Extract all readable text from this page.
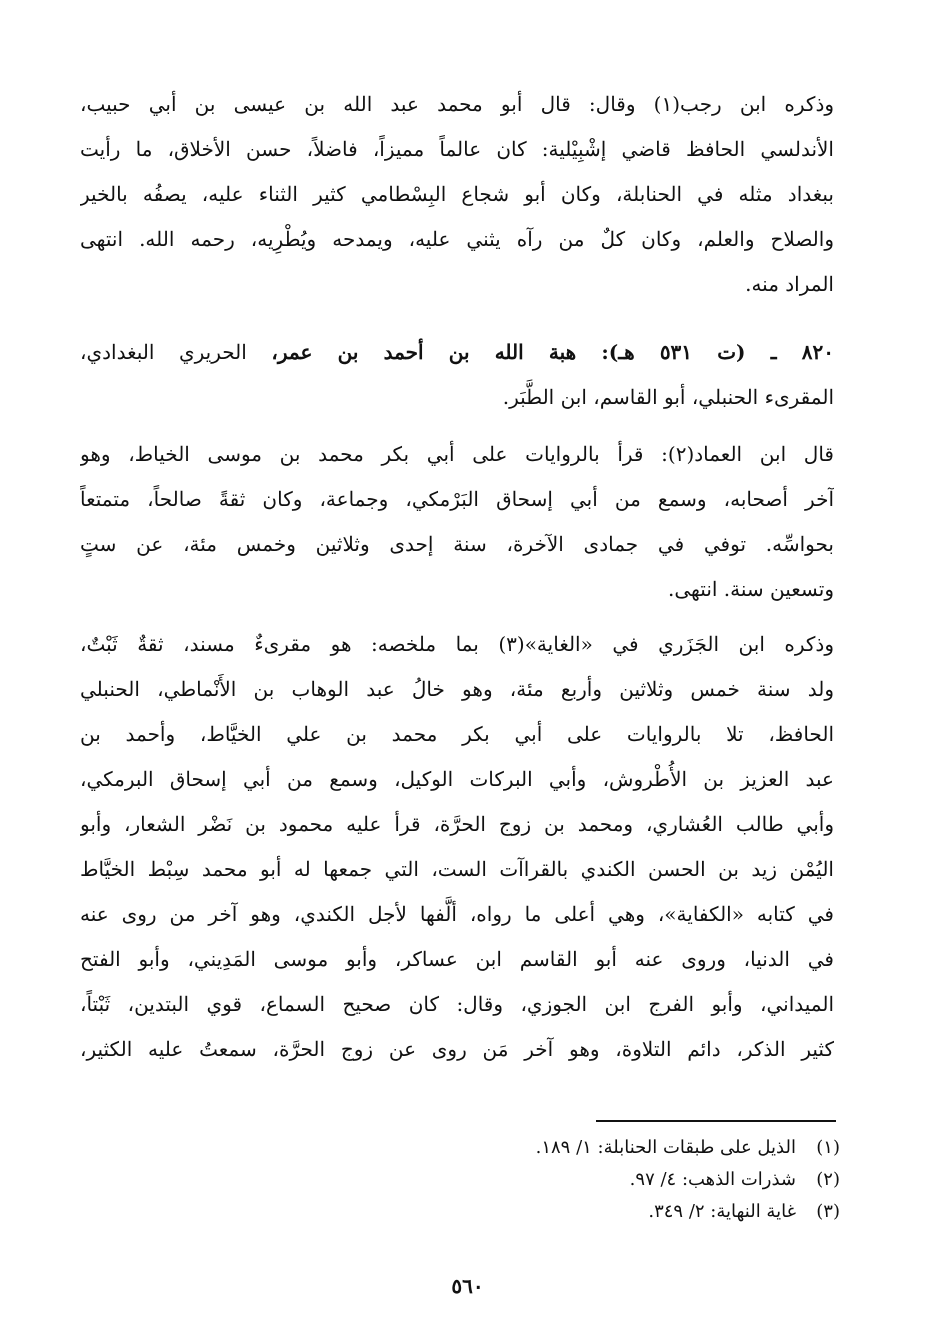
وذكره ابن رجب(١) وقال: قال أبو محمد عبد الله بن عيسى بن أبي حبيب،
الأندلسي الحافظ قاضي إشْبِيْلية: كان عالماً مميزاً، فاضلاً، حسن الأخلاق، ما رأيت
ببغداد مثله في الحنابلة، وكان أبو شجاع البِسْطامي كثير الثناء عليه، يصفُه بالخير
والصلاح والعلم، وكان كلٌ من رآه يثني عليه، ويمدحه ويُطْرِيه، رحمه الله. انتهى
المراد منه.
٨٢٠ ـ (ت ٥٣١ هـ): هبة الله بن أحمد بن عمر، الحريري البغدادي،
المقرىء الحنبلي، أبو القاسم، ابن الطَّبَر.
قال ابن العماد(٢): قرأ بالروايات على أبي بكر محمد بن موسى الخياط، وهو
آخر أصحابه، وسمع من أبي إسحاق البَرْمكي، وجماعة، وكان ثقةً صالحاً، متمتعاً
بحواسِّه. توفي في جمادى الآخرة، سنة إحدى وثلاثين وخمس مئة، عن ستٍ
وتسعين سنة. انتهى.
وذكره ابن الجَزَري في «الغاية»(٣) بما ملخصه: هو مقرىءٌ مسند، ثقةٌ ثَبْتٌ،
ولد سنة خمس وثلاثين وأربع مئة، وهو خالُ عبد الوهاب بن الأَنْماطي، الحنبلي
الحافظ، تلا بالروايات على أبي بكر محمد بن علي الخيَّاط، وأحمد بن
عبد العزيز بن الأُطْروش، وأبي البركات الوكيل، وسمع من أبي إسحاق البرمكي،
وأبي طالب العُشاري، ومحمد بن زوج الحرَّة، قرأ عليه محمود بن نَضْر الشعار، وأبو
اليُمْن زيد بن الحسن الكندي بالقراآت الست، التي جمعها له أبو محمد سِبْط الخيَّاط
في كتابه «الكفاية»، وهي أعلى ما رواه، ألَّفها لأجل الكندي، وهو آخر من روى عنه
في الدنيا، وروى عنه أبو القاسم ابن عساكر، وأبو موسى المَدِيني، وأبو الفتح
الميداني، وأبو الفرج ابن الجوزي، وقال: كان صحيح السماع، قوي البتدين، ثَبْتاً،
كثير الذكر، دائم التلاوة، وهو آخر مَن روى عن زوج الحرَّة، سمعتُ عليه الكثير،
(١)الذيل على طبقات الحنابلة: ١/ ١٨٩.
(٢)شذرات الذهب: ٤/ ٩٧.
(٣)غاية النهاية: ٢/ ٣٤٩.
٥٦٠
